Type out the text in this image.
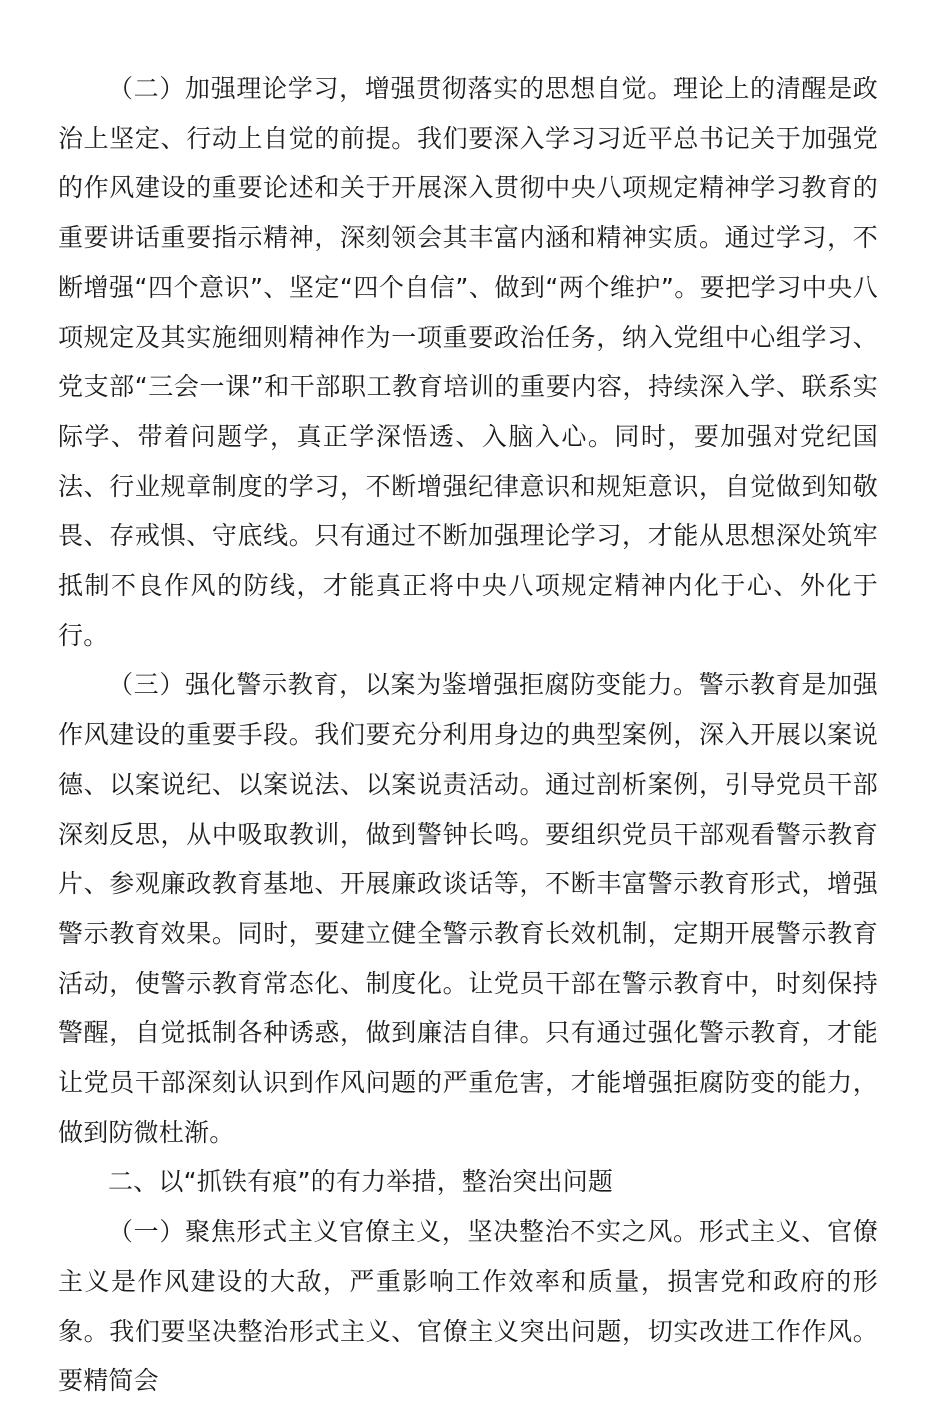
（二）加强理论学习，增强贯彻落实的思想自觉。理论上的清醒是政治上坚定、行动上自觉的前提。我们要深入学习习近平总书记关于加强党的作风建设的重要论述和关于开展深入贯彻中央八项规定精神学习教育的重要讲话重要指示精神，深刻领会其丰富内涵和精神实质。通过学习，不断增强“四个意识”、坚定“四个自信”、做到“两个维护”。要把学习中央八项规定及其实施细则精神作为一项重要政治任务，纳入党组中心组学习、党支部“三会一课”和干部职工教育培训的重要内容，持续深入学、联系实际学、带着问题学，真正学深悟透、入脑入心。同时，要加强对党纪国法、行业规章制度的学习，不断增强纪律意识和规矩意识，自觉做到知敬畏、存戒惧、守底线。只有通过不断加强理论学习，才能从思想深处筑牢抵制不良作风的防线，才能真正将中央八项规定精神内化于心、外化于行。

（三）强化警示教育，以案为鉴增强拒腐防变能力。警示教育是加强作风建设的重要手段。我们要充分利用身边的典型案例，深入开展以案说德、以案说纪、以案说法、以案说责活动。通过剖析案例，引导党员干部深刻反思，从中吸取教训，做到警钟长鸣。要组织党员干部观看警示教育片、参观廉政教育基地、开展廉政谈话等，不断丰富警示教育形式，增强警示教育效果。同时，要建立健全警示教育长效机制，定期开展警示教育活动，使警示教育常态化、制度化。让党员干部在警示教育中，时刻保持警醒，自觉抵制各种诱惑，做到廉洁自律。只有通过强化警示教育，才能让党员干部深刻认识到作风问题的严重危害，才能增强拒腐防变的能力，做到防微杜渐。

二、以“抓铁有痕”的有力举措，整治突出问题

（一）聚焦形式主义官僚主义，坚决整治不实之风。形式主义、官僚主义是作风建设的大敌，严重影响工作效率和质量，损害党和政府的形象。我们要坚决整治形式主义、官僚主义突出问题，切实改进工作作风。要精简会
